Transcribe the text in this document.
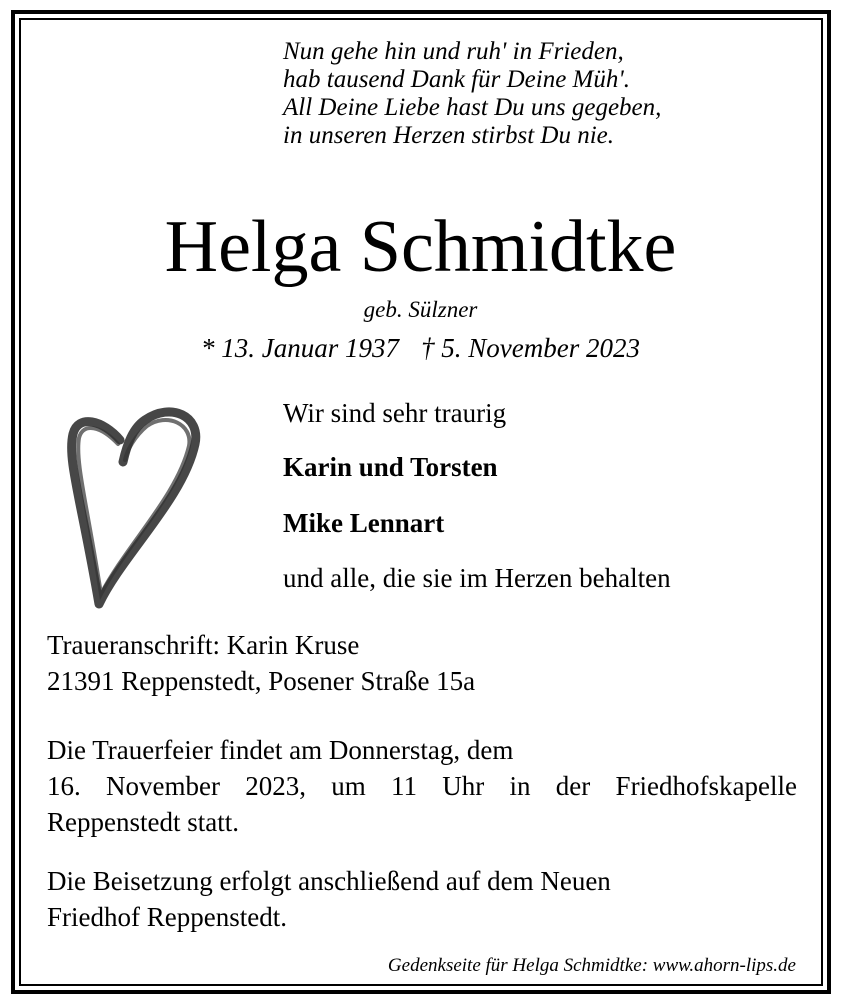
Nun gehe hin und ruh' in Frieden,
hab tausend Dank für Deine Müh'.
All Deine Liebe hast Du uns gegeben,
in unseren Herzen stirbst Du nie.
Helga Schmidtke
geb. Sülzner
* 13. Januar 1937 † 5. November 2023
Wir sind sehr traurig
Karin und Torsten
Mike Lennart
und alle, die sie im Herzen behalten
Traueranschrift: Karin Kruse
21391 Reppenstedt, Posener Straße 15a
Die Trauerfeier findet am Donnerstag, dem
16. November 2023, um 11 Uhr in der Friedhofskapelle
Reppenstedt statt.
Die Beisetzung erfolgt anschließend auf dem Neuen
Friedhof Reppenstedt.
Gedenkseite für Helga Schmidtke: www.ahorn-lips.de
